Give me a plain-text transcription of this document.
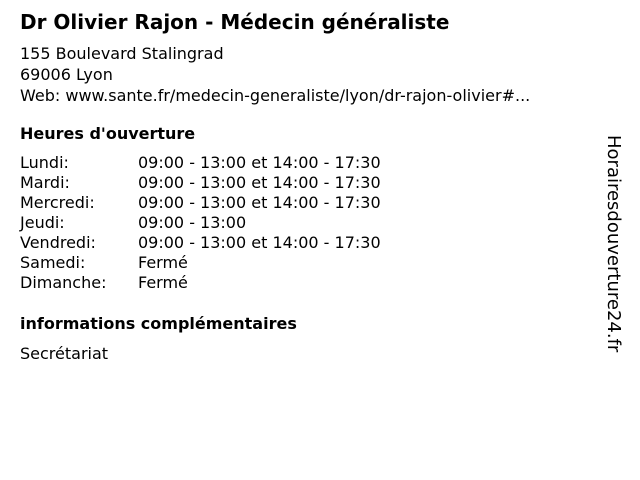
Dr Olivier Rajon - Médecin généraliste
155 Boulevard Stalingrad
69006 Lyon
Web: www.sante.fr/medecin-generaliste/lyon/dr-rajon-olivier#...
Heures d'ouverture
Lundi:	09:00 - 13:00 et 14:00 - 17:30
Mardi:	09:00 - 13:00 et 14:00 - 17:30
Mercredi:	09:00 - 13:00 et 14:00 - 17:30
Jeudi:	09:00 - 13:00
Vendredi:	09:00 - 13:00 et 14:00 - 17:30
Samedi:	Fermé
Dimanche:	Fermé
informations complémentaires
Secrétariat
Horairesdouverture24.fr
